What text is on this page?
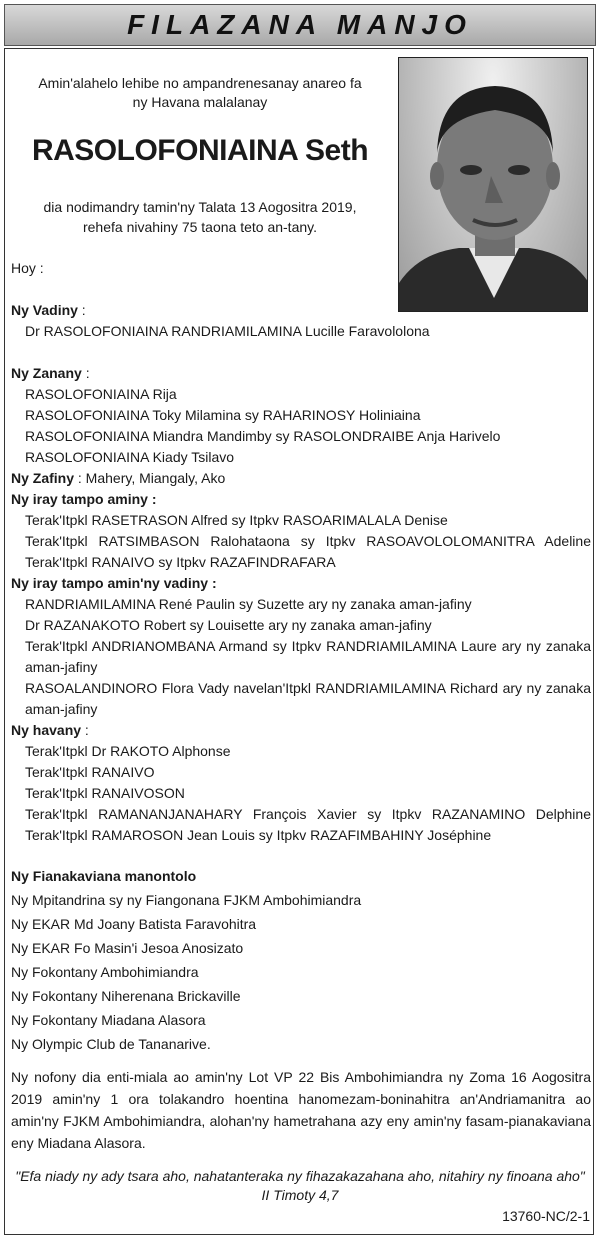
FILAZANA MANJO
Amin'alahelo lehibe no ampandrenesanay anareo fa
ny Havana malalanay
RASOLOFONIAINA Seth
dia nodimandry tamin'ny Talata 13 Aogositra 2019,
rehefa nivahiny 75 taona teto an-tany.
Hoy :
Ny Vadiny :
Dr RASOLOFONIAINA RANDRIAMILAMINA Lucille Faravololona
Ny Zanany :
RASOLOFONIAINA Rija
RASOLOFONIAINA Toky Milamina sy RAHARINOSY Holiniaina
RASOLOFONIAINA Miandra Mandimby sy RASOLONDRAIBE Anja Harivelo
RASOLOFONIAINA Kiady Tsilavo
Ny Zafiny : Mahery, Miangaly, Ako
Ny iray tampo aminy :
Terak'Itpkl RASETRASON Alfred sy Itpkv RASOARIMALALA Denise
Terak'Itpkl RATSIMBASON Ralohataona sy Itpkv RASOAVOLOLOMANITRA Adeline
Terak'Itpkl RANAIVO sy Itpkv RAZAFINDRAFARA
Ny iray tampo amin'ny vadiny :
RANDRIAMILAMINA René Paulin sy Suzette ary ny zanaka aman-jafiny
Dr RAZANAKOTO Robert sy Louisette ary ny zanaka aman-jafiny
Terak'Itpkl ANDRIANOMBANA Armand sy Itpkv RANDRIAMILAMINA Laure ary ny zanaka
aman-jafiny
RASOALANDINORO Flora Vady navelan'Itpkl RANDRIAMILAMINA Richard ary ny zanaka
aman-jafiny
Ny havany :
Terak'Itpkl Dr RAKOTO Alphonse
Terak'Itpkl RANAIVO
Terak'Itpkl RANAIVOSON
Terak'Itpkl RAMANANJANAHARY François Xavier sy Itpkv RAZANAMINO Delphine
Terak'Itpkl RAMAROSON Jean Louis sy Itpkv RAZAFIMBAHINY Joséphine
Ny Fianakaviana manontolo
Ny Mpitandrina sy ny Fiangonana FJKM Ambohimiandra
Ny EKAR Md Joany Batista Faravohitra
Ny EKAR Fo Masin'i Jesoa Anosizato
Ny Fokontany Ambohimiandra
Ny Fokontany Niherenana Brickaville
Ny Fokontany Miadana Alasora
Ny Olympic Club de Tananarive.
Ny nofony dia enti-miala ao amin'ny Lot VP 22 Bis Ambohimiandra ny Zoma 16 Aogositra 2019 amin'ny 1 ora tolakandro hoentina hanomezam-boninahitra an'Andriamanitra ao amin'ny FJKM Ambohimiandra, alohan'ny hametrahana azy eny amin'ny fasam-pianakaviana eny Miadana Alasora.
"Efa niady ny ady tsara aho, nahatanteraka ny fihazakazahana aho, nitahiry ny finoana aho"
II Timoty 4,7
13760-NC/2-1
